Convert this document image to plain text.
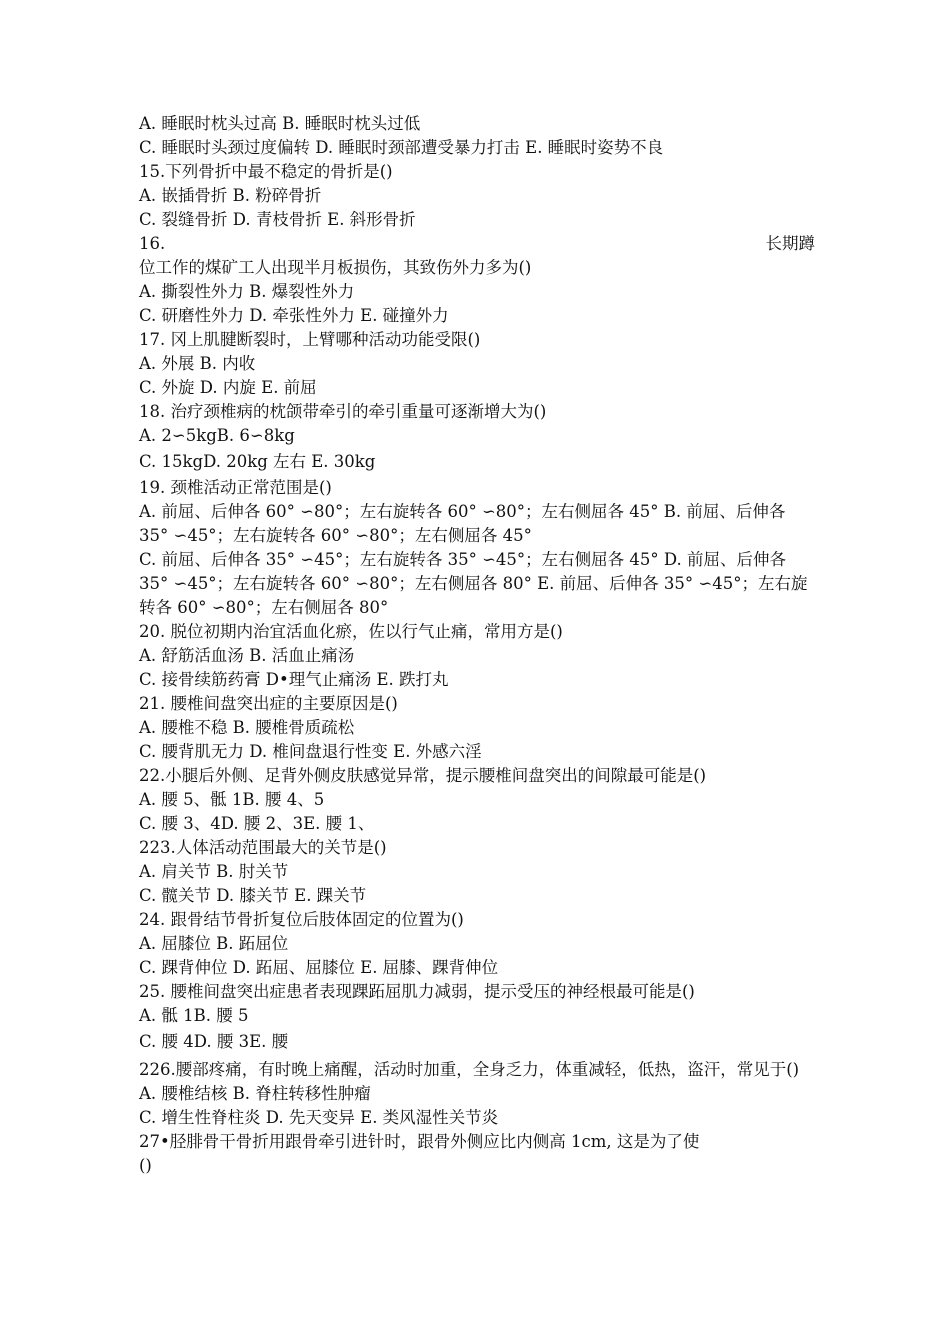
A. 睡眠时枕头过高 B. 睡眠时枕头过低
C. 睡眠时头颈过度偏转 D. 睡眠时颈部遭受暴力打击 E. 睡眠时姿势不良
15.下列骨折中最不稳定的骨折是()
A. 嵌插骨折 B. 粉碎骨折
C. 裂缝骨折 D. 青枝骨折 E. 斜形骨折
16.	长期蹲
位工作的煤矿工人出现半月板损伤，其致伤外力多为()
A. 撕裂性外力 B. 爆裂性外力
C. 研磨性外力 D. 牵张性外力 E. 碰撞外力
17. 冈上肌腱断裂时，上臂哪种活动功能受限()
A. 外展 B. 内收
C. 外旋 D. 内旋 E. 前屈
18. 治疗颈椎病的枕颌带牵引的牵引重量可逐渐增大为()
A. 2∽5kgB. 6∽8kg
C. 15kgD. 20kg 左右 E. 30kg
19. 颈椎活动正常范围是()
A. 前屈、后伸各 60° ∽80°；左右旋转各 60° ∽80°；左右侧屈各 45° B. 前屈、后伸各 35° ∽45°；左右旋转各 60° ∽80°；左右侧屈各 45°
C. 前屈、后伸各 35° ∽45°；左右旋转各 35° ∽45°；左右侧屈各 45° D. 前屈、后伸各 35° ∽45°；左右旋转各 60° ∽80°；左右侧屈各 80° E. 前屈、后伸各 35° ∽45°；左右旋转各 60° ∽80°；左右侧屈各 80°
20. 脱位初期内治宜活血化瘀，佐以行气止痛，常用方是()
A. 舒筋活血汤 B. 活血止痛汤
C. 接骨续筋药膏 D•理气止痛汤 E. 跌打丸
21. 腰椎间盘突出症的主要原因是()
A. 腰椎不稳 B. 腰椎骨质疏松
C. 腰背肌无力 D. 椎间盘退行性变 E. 外感六淫
22.小腿后外侧、足背外侧皮肤感觉异常，提示腰椎间盘突出的间隙最可能是()
A. 腰 5、骶 1B. 腰 4、5
C. 腰 3、4D. 腰 2、3E. 腰 1、
223.人体活动范围最大的关节是()
A. 肩关节 B. 肘关节
C. 髋关节 D. 膝关节 E. 踝关节
24. 跟骨结节骨折复位后肢体固定的位置为()
A. 屈膝位 B. 跖屈位
C. 踝背伸位 D. 跖屈、屈膝位 E. 屈膝、踝背伸位
25. 腰椎间盘突出症患者表现踝跖屈肌力减弱，提示受压的神经根最可能是()
A. 骶 1B. 腰 5
C. 腰 4D. 腰 3E. 腰
226.腰部疼痛，有时晚上痛醒，活动时加重，全身乏力，体重减轻，低热，盗汗，常见于()
A. 腰椎结核 B. 脊柱转移性肿瘤
C. 增生性脊柱炎 D. 先天变异 E. 类风湿性关节炎
27•胫腓骨干骨折用跟骨牵引进针时，跟骨外侧应比内侧高 1cm, 这是为了使
()
